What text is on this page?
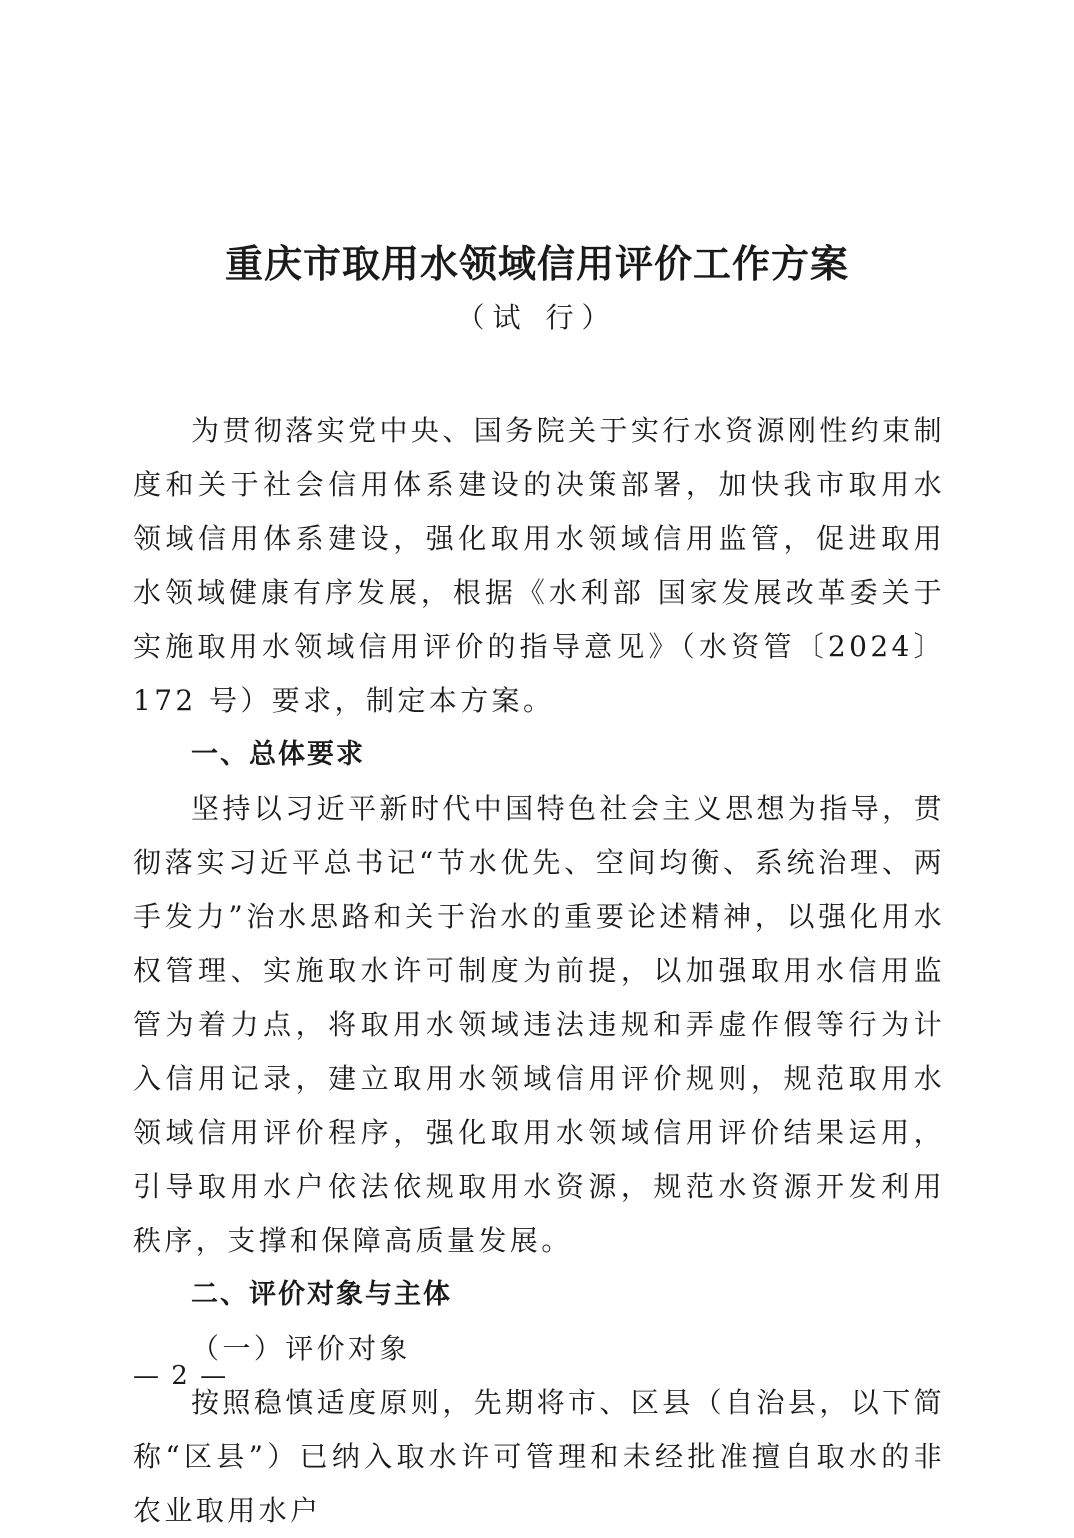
重庆市取用水领域信用评价工作方案
（试 行）

为贯彻落实党中央、国务院关于实行水资源刚性约束制度和关于社会信用体系建设的决策部署，加快我市取用水领域信用体系建设，强化取用水领域信用监管，促进取用水领域健康有序发展，根据《水利部 国家发展改革委关于实施取用水领域信用评价的指导意见》（水资管〔2024〕172 号）要求，制定本方案。

一、总体要求

坚持以习近平新时代中国特色社会主义思想为指导，贯彻落实习近平总书记“节水优先、空间均衡、系统治理、两手发力”治水思路和关于治水的重要论述精神，以强化用水权管理、实施取水许可制度为前提，以加强取用水信用监管为着力点，将取用水领域违法违规和弄虚作假等行为计入信用记录，建立取用水领域信用评价规则，规范取用水领域信用评价程序，强化取用水领域信用评价结果运用，引导取用水户依法依规取用水资源，规范水资源开发利用秩序，支撑和保障高质量发展。

二、评价对象与主体
（一）评价对象

按照稳慎适度原则，先期将市、区县（自治县，以下简称“区县”）已纳入取水许可管理和未经批准擅自取水的非农业取用水户

— 2 —
